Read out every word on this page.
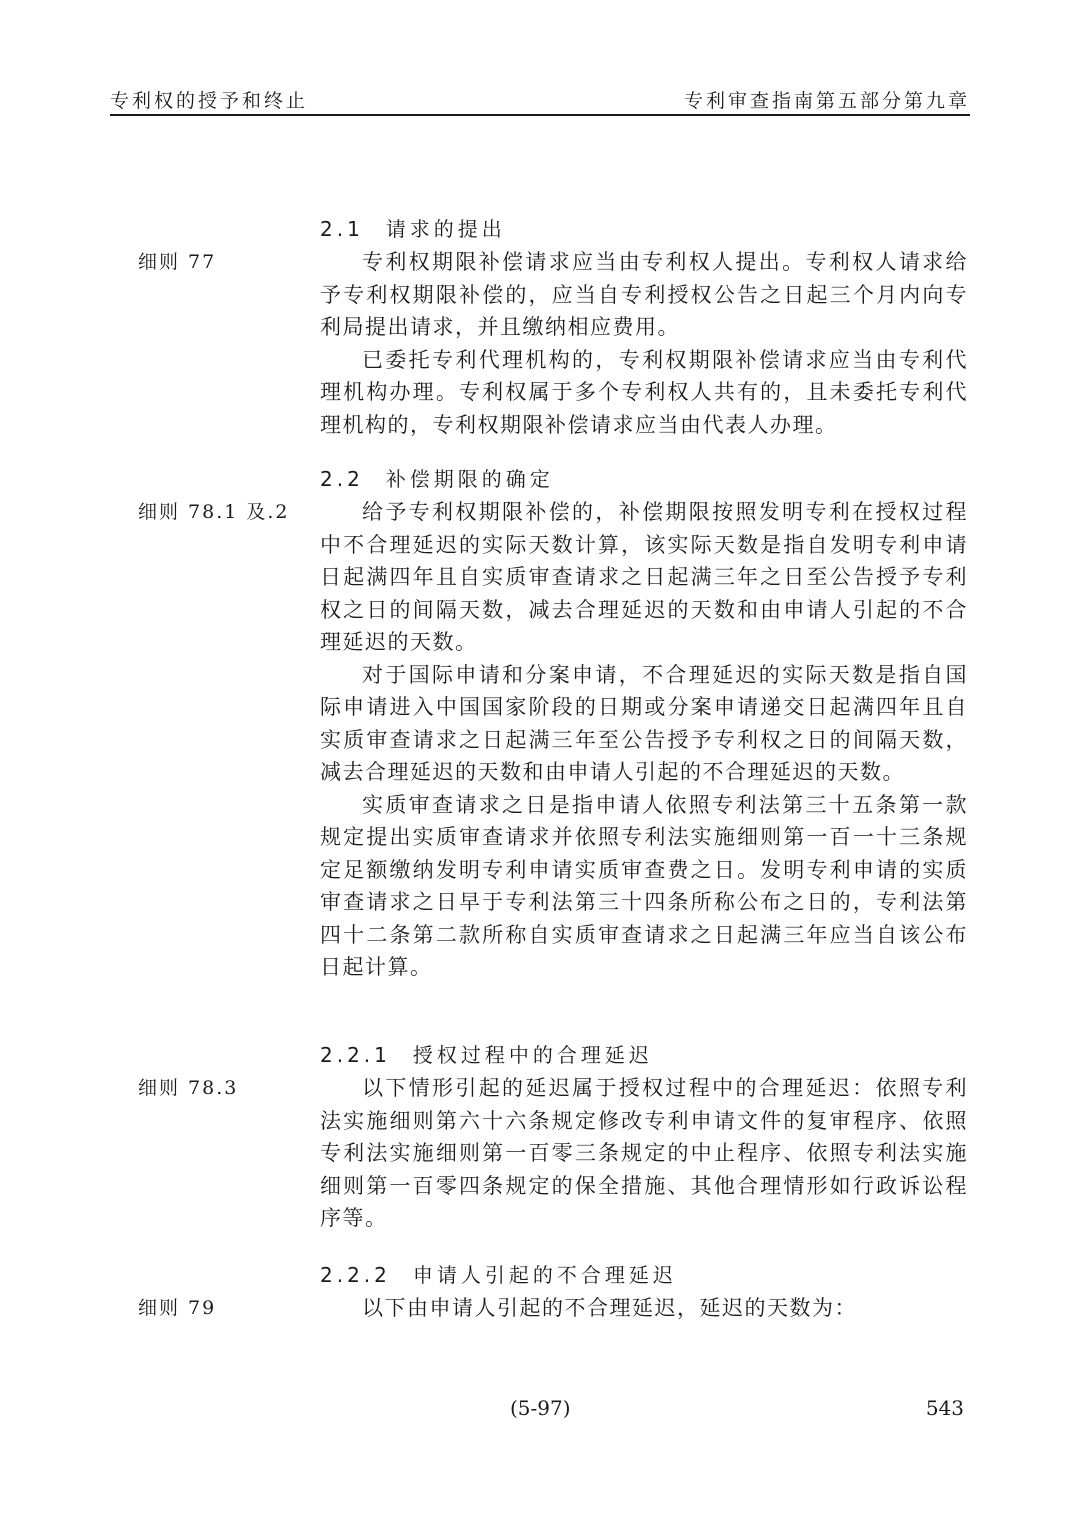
专利权的授予和终止	专利审查指南第五部分第九章
2.1 请求的提出
细则 77	专利权期限补偿请求应当由专利权人提出。专利权人请求给予专利权期限补偿的，应当自专利授权公告之日起三个月内向专利局提出请求，并且缴纳相应费用。

已委托专利代理机构的，专利权期限补偿请求应当由专利代理机构办理。专利权属于多个专利权人共有的，且未委托专利代理机构的，专利权期限补偿请求应当由代表人办理。

2.2 补偿期限的确定
细则 78.1 及.2	给予专利权期限补偿的，补偿期限按照发明专利在授权过程中不合理延迟的实际天数计算，该实际天数是指自发明专利申请日起满四年且自实质审查请求之日起满三年之日至公告授予专利权之日的间隔天数，减去合理延迟的天数和由申请人引起的不合理延迟的天数。

对于国际申请和分案申请，不合理延迟的实际天数是指自国际申请进入中国国家阶段的日期或分案申请递交日起满四年且自实质审查请求之日起满三年至公告授予专利权之日的间隔天数，减去合理延迟的天数和由申请人引起的不合理延迟的天数。

实质审查请求之日是指申请人依照专利法第三十五条第一款规定提出实质审查请求并依照专利法实施细则第一百一十三条规定足额缴纳发明专利申请实质审查费之日。发明专利申请的实质审查请求之日早于专利法第三十四条所称公布之日的，专利法第四十二条第二款所称自实质审查请求之日起满三年应当自该公布日起计算。

2.2.1 授权过程中的合理延迟
细则 78.3	以下情形引起的延迟属于授权过程中的合理延迟：依照专利法实施细则第六十六条规定修改专利申请文件的复审程序、依照专利法实施细则第一百零三条规定的中止程序、依照专利法实施细则第一百零四条规定的保全措施、其他合理情形如行政诉讼程序等。

2.2.2 申请人引起的不合理延迟
细则 79	以下由申请人引起的不合理延迟，延迟的天数为：

(5-97)	543
